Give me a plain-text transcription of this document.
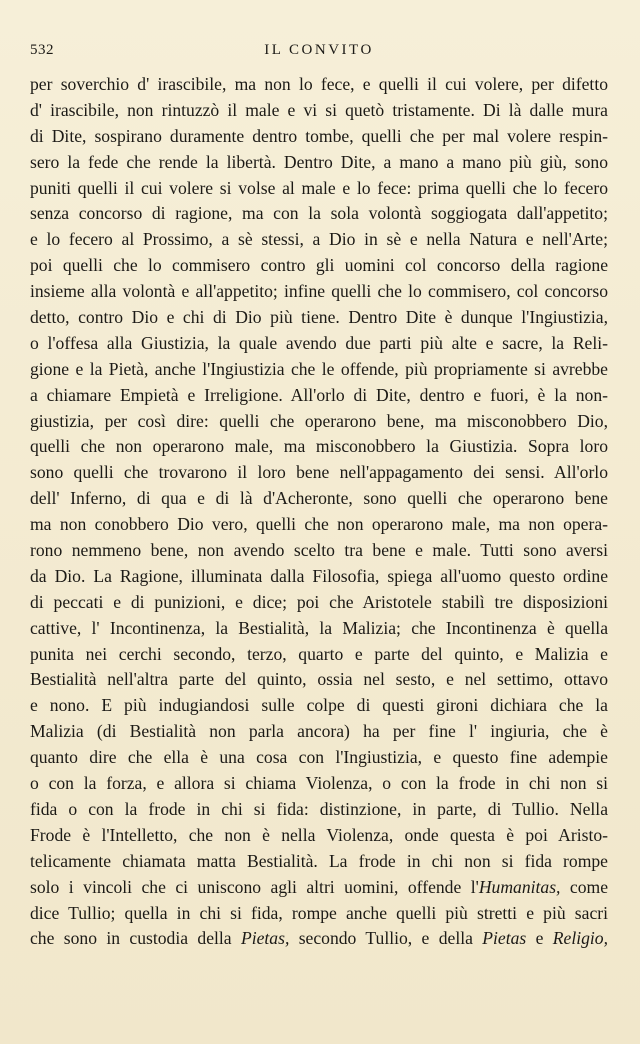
532	IL CONVITO
per soverchio d' irascibile, ma non lo fece, e quelli il cui volere, per difetto
d' irascibile, non rintuzzò il male e vi si quetò tristamente. Di là dalle mura
di Dite, sospirano duramente dentro tombe, quelli che per mal volere respin-
sero la fede che rende la libertà. Dentro Dite, a mano a mano più giù, sono
puniti quelli il cui volere si volse al male e lo fece: prima quelli che lo fecero
senza concorso di ragione, ma con la sola volontà soggiogata dall'appetito;
e lo fecero al Prossimo, a sè stessi, a Dio in sè e nella Natura e nell'Arte;
poi quelli che lo commisero contro gli uomini col concorso della ragione
insieme alla volontà e all'appetito; infine quelli che lo commisero, col concorso
detto, contro Dio e chi di Dio più tiene. Dentro Dite è dunque l'Ingiustizia,
o l'offesa alla Giustizia, la quale avendo due parti più alte e sacre, la Reli-
gione e la Pietà, anche l'Ingiustizia che le offende, più propriamente si avrebbe
a chiamare Empietà e Irreligione. All'orlo di Dite, dentro e fuori, è la non-
giustizia, per così dire: quelli che operarono bene, ma misconobbero Dio,
quelli che non operarono male, ma misconobbero la Giustizia. Sopra loro
sono quelli che trovarono il loro bene nell'appagamento dei sensi. All'orlo
dell' Inferno, di qua e di là d'Acheronte, sono quelli che operarono bene
ma non conobbero Dio vero, quelli che non operarono male, ma non opera-
rono nemmeno bene, non avendo scelto tra bene e male. Tutti sono aversi
da Dio. La Ragione, illuminata dalla Filosofia, spiega all'uomo questo ordine
di peccati e di punizioni, e dice; poi che Aristotele stabilì tre disposizioni
cattive, l' Incontinenza, la Bestialità, la Malizia; che Incontinenza è quella
punita nei cerchi secondo, terzo, quarto e parte del quinto, e Malizia e
Bestialità nell'altra parte del quinto, ossia nel sesto, e nel settimo, ottavo
e nono. E più indugiandosi sulle colpe di questi gironi dichiara che la
Malizia (di Bestialità non parla ancora) ha per fine l' ingiuria, che è
quanto dire che ella è una cosa con l'Ingiustizia, e questo fine adempie
o con la forza, e allora si chiama Violenza, o con la frode in chi non si
fida o con la frode in chi si fida: distinzione, in parte, di Tullio. Nella
Frode è l'Intelletto, che non è nella Violenza, onde questa è poi Aristo-
telicamente chiamata matta Bestialità. La frode in chi non si fida rompe
solo i vincoli che ci uniscono agli altri uomini, offende l'Humanitas, come
dice Tullio; quella in chi si fida, rompe anche quelli più stretti e più sacri
che sono in custodia della Pietas, secondo Tullio, e della Pietas e Religio,
